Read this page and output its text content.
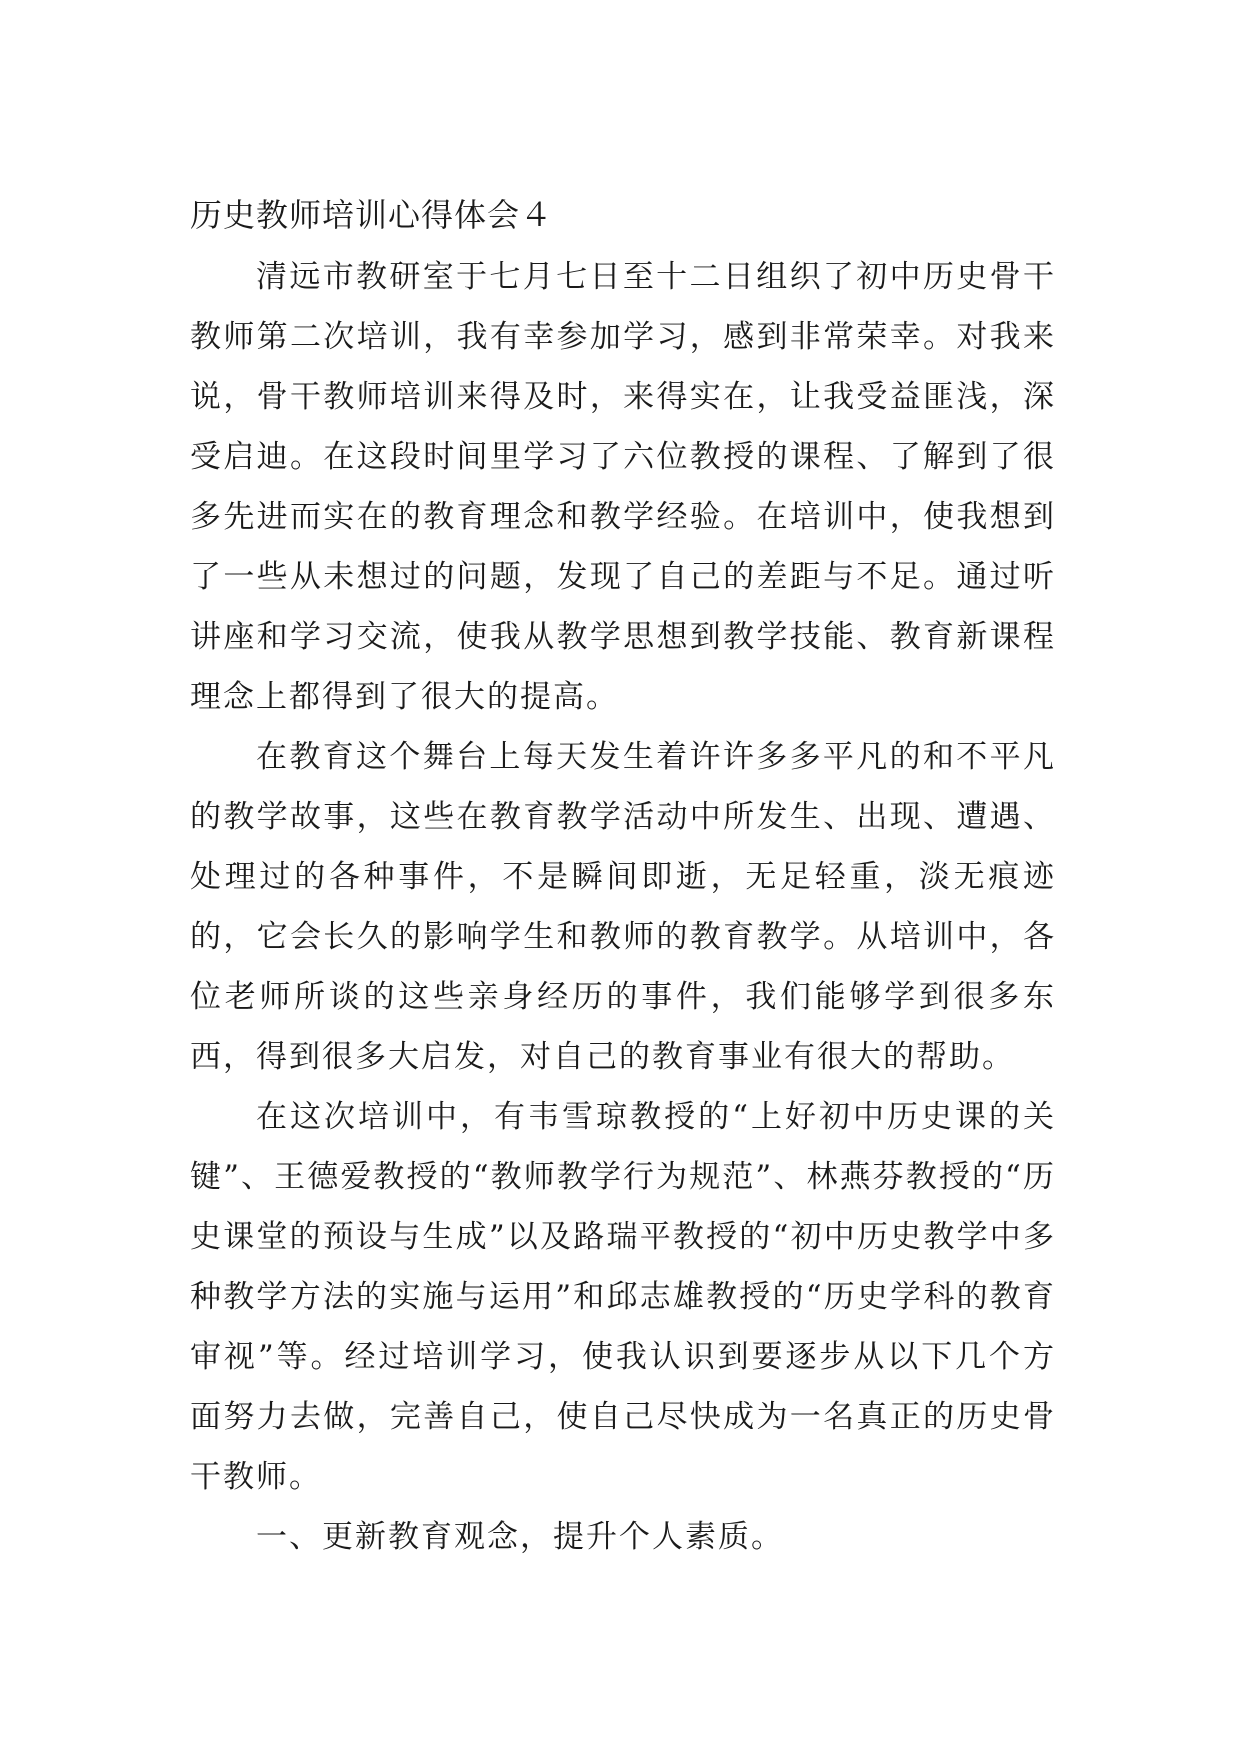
历史教师培训心得体会４

清远市教研室于七月七日至十二日组织了初中历史骨干教师第二次培训，我有幸参加学习，感到非常荣幸。对我来说，骨干教师培训来得及时，来得实在，让我受益匪浅，深受启迪。在这段时间里学习了六位教授的课程、了解到了很多先进而实在的教育理念和教学经验。在培训中，使我想到了一些从未想过的问题，发现了自己的差距与不足。通过听讲座和学习交流，使我从教学思想到教学技能、教育新课程理念上都得到了很大的提高。

在教育这个舞台上每天发生着许许多多平凡的和不平凡的教学故事，这些在教育教学活动中所发生、出现、遭遇、处理过的各种事件，不是瞬间即逝，无足轻重，淡无痕迹的，它会长久的影响学生和教师的教育教学。从培训中，各位老师所谈的这些亲身经历的事件，我们能够学到很多东西，得到很多大启发，对自己的教育事业有很大的帮助。

在这次培训中，有韦雪琼教授的“上好初中历史课的关键”、王德爱教授的“教师教学行为规范”、林燕芬教授的“历史课堂的预设与生成”以及路瑞平教授的“初中历史教学中多种教学方法的实施与运用”和邱志雄教授的“历史学科的教育审视”等。经过培训学习，使我认识到要逐步从以下几个方面努力去做，完善自己，使自己尽快成为一名真正的历史骨干教师。

一、更新教育观念，提升个人素质。
